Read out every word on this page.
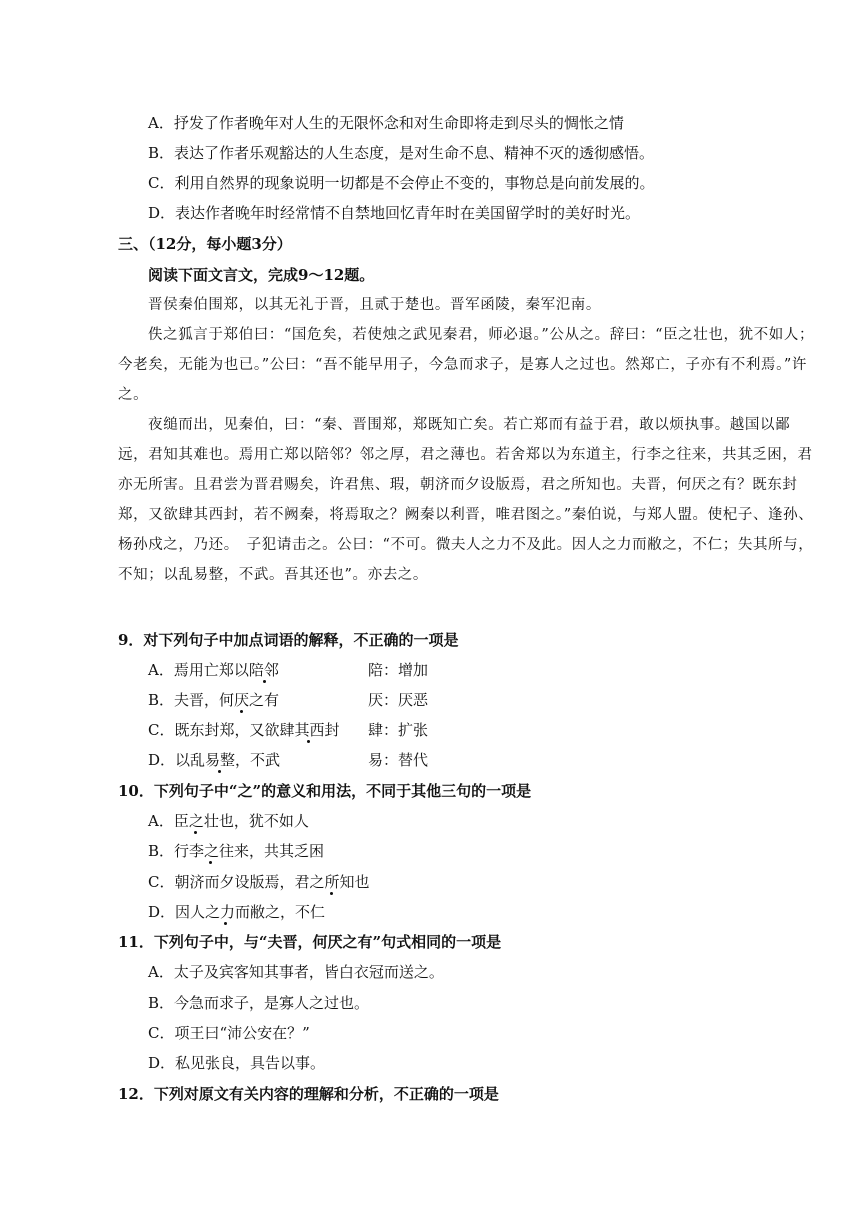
A．抒发了作者晚年对人生的无限怀念和对生命即将走到尽头的惆怅之情
B．表达了作者乐观豁达的人生态度，是对生命不息、精神不灭的透彻感悟。
C．利用自然界的现象说明一切都是不会停止不变的，事物总是向前发展的。
D．表达作者晚年时经常情不自禁地回忆青年时在美国留学时的美好时光。
三、（12分，每小题3分）
阅读下面文言文，完成9～12题。
晋侯秦伯围郑，以其无礼于晋，且贰于楚也。晋军函陵，秦军氾南。
佚之狐言于郑伯曰：“国危矣，若使烛之武见秦君，师必退。”公从之。辞曰：“臣之壮也，犹不如人；今老矣，无能为也已。”公曰：“吾不能早用子，今急而求子，是寡人之过也。然郑亡，子亦有不利焉。”许之。
夜缒而出，见秦伯，曰：“秦、晋围郑，郑既知亡矣。若亡郑而有益于君，敢以烦执事。越国以鄙远，君知其难也。焉用亡郑以陪邻？邻之厚，君之薄也。若舍郑以为东道主，行李之往来，共其乏困，君亦无所害。且君尝为晋君赐矣，许君焦、瑕，朝济而夕设版焉，君之所知也。夫晋，何厌之有？既东封郑，又欲肆其西封，若不阙秦，将焉取之？阙秦以利晋，唯君图之。”秦伯说，与郑人盟。使杞子、逢孙、杨孙戍之，乃还。　子犯请击之。公曰：“不可。微夫人之力不及此。因人之力而敝之，不仁；失其所与，不知；以乱易整，不武。吾其还也”。亦去之。
9．对下列句子中加点词语的解释，不正确的一项是
A．焉用亡郑以陪邻	陪：增加
B．夫晋，何厌之有	厌：厌恶
C．既东封郑，又欲肆其西封 肆：扩张
D．以乱易整，不武	易：替代
10．下列句子中“之”的意义和用法，不同于其他三句的一项是
A．臣之壮也，犹不如人
B．行李之往来，共其乏困
C．朝济而夕设版焉，君之所知也
D．因人之力而敝之，不仁
11．下列句子中，与“夫晋，何厌之有”句式相同的一项是
A．太子及宾客知其事者，皆白衣冠而送之。
B．今急而求子，是寡人之过也。
C．项王曰“沛公安在？”
D．私见张良，具告以事。
12．下列对原文有关内容的理解和分析，不正确的一项是
